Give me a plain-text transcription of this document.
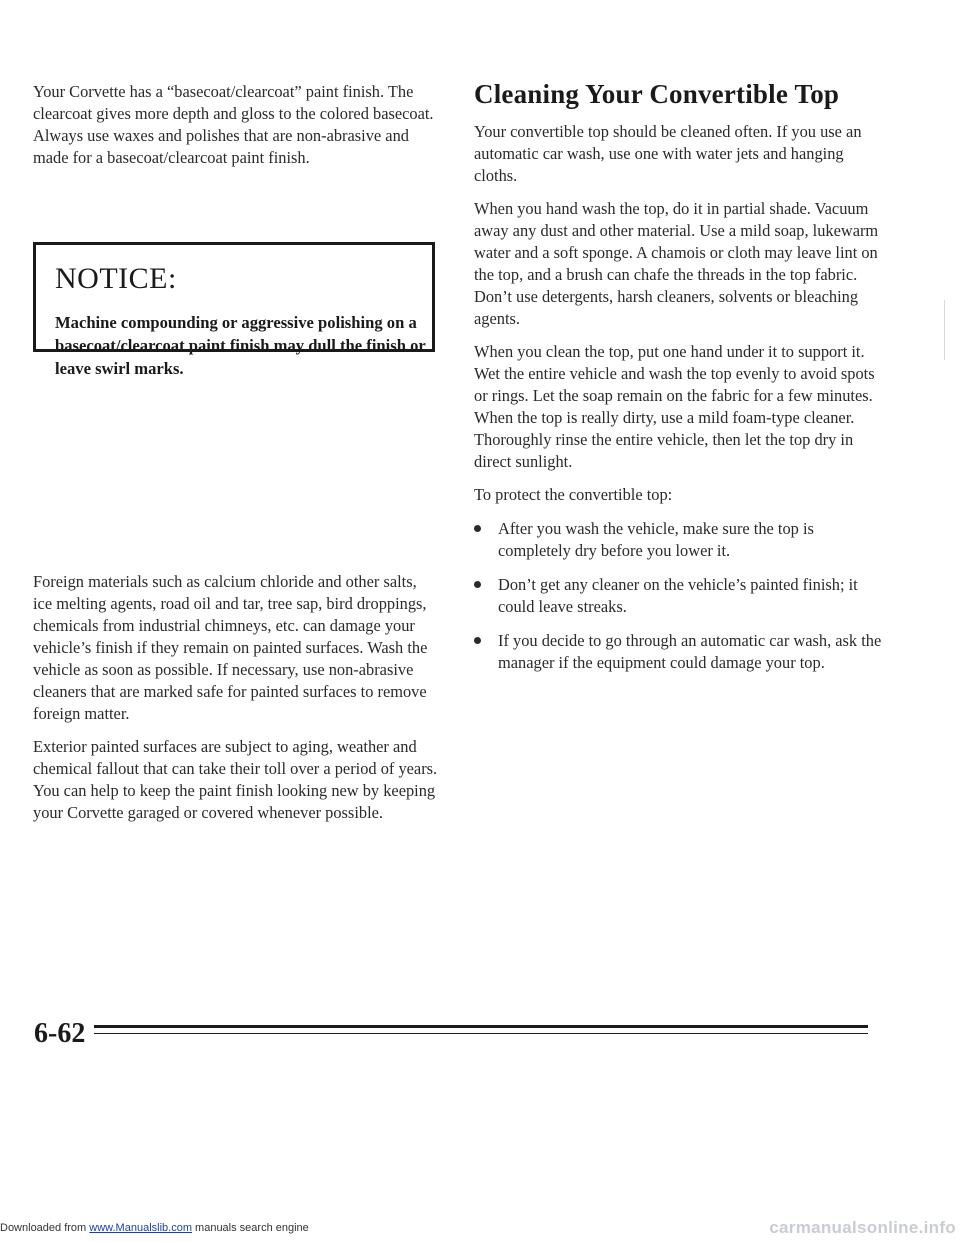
Your Corvette has a “basecoat/clearcoat” paint finish. The clearcoat gives more depth and gloss to the colored basecoat. Always use waxes and polishes that are non-abrasive and made for a basecoat/clearcoat paint finish.

NOTICE:

Machine compounding or aggressive polishing on a basecoat/clearcoat paint finish may dull the finish or leave swirl marks.

Foreign materials such as calcium chloride and other salts, ice melting agents, road oil and tar, tree sap, bird droppings, chemicals from industrial chimneys, etc. can damage your vehicle’s finish if they remain on painted surfaces. Wash the vehicle as soon as possible. If necessary, use non-abrasive cleaners that are marked safe for painted surfaces to remove foreign matter.

Exterior painted surfaces are subject to aging, weather and chemical fallout that can take their toll over a period of years. You can help to keep the paint finish looking new by keeping your Corvette garaged or covered whenever possible.

Cleaning Your Convertible Top

Your convertible top should be cleaned often. If you use an automatic car wash, use one with water jets and hanging cloths.

When you hand wash the top, do it in partial shade. Vacuum away any dust and other material. Use a mild soap, lukewarm water and a soft sponge. A chamois or cloth may leave lint on the top, and a brush can chafe the threads in the top fabric. Don’t use detergents, harsh cleaners, solvents or bleaching agents.

When you clean the top, put one hand under it to support it. Wet the entire vehicle and wash the top evenly to avoid spots or rings. Let the soap remain on the fabric for a few minutes. When the top is really dirty, use a mild foam-type cleaner. Thoroughly rinse the entire vehicle, then let the top dry in direct sunlight.

To protect the convertible top:

After you wash the vehicle, make sure the top is completely dry before you lower it.
Don’t get any cleaner on the vehicle’s painted finish; it could leave streaks.
If you decide to go through an automatic car wash, ask the manager if the equipment could damage your top.
6-62
Downloaded from www.Manualslib.com manuals search engine	carmanualsonline.info
